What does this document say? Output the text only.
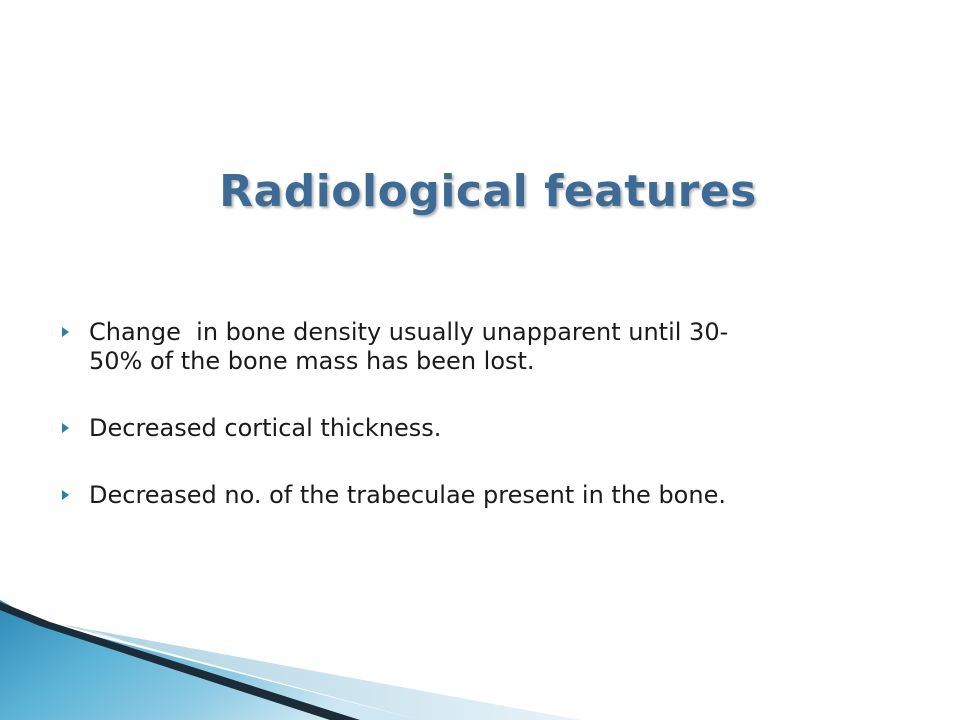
Radiological features
Change  in bone density usually unapparent until 30-
50% of the bone mass has been lost.
Decreased cortical thickness.
Decreased no. of the trabeculae present in the bone.
